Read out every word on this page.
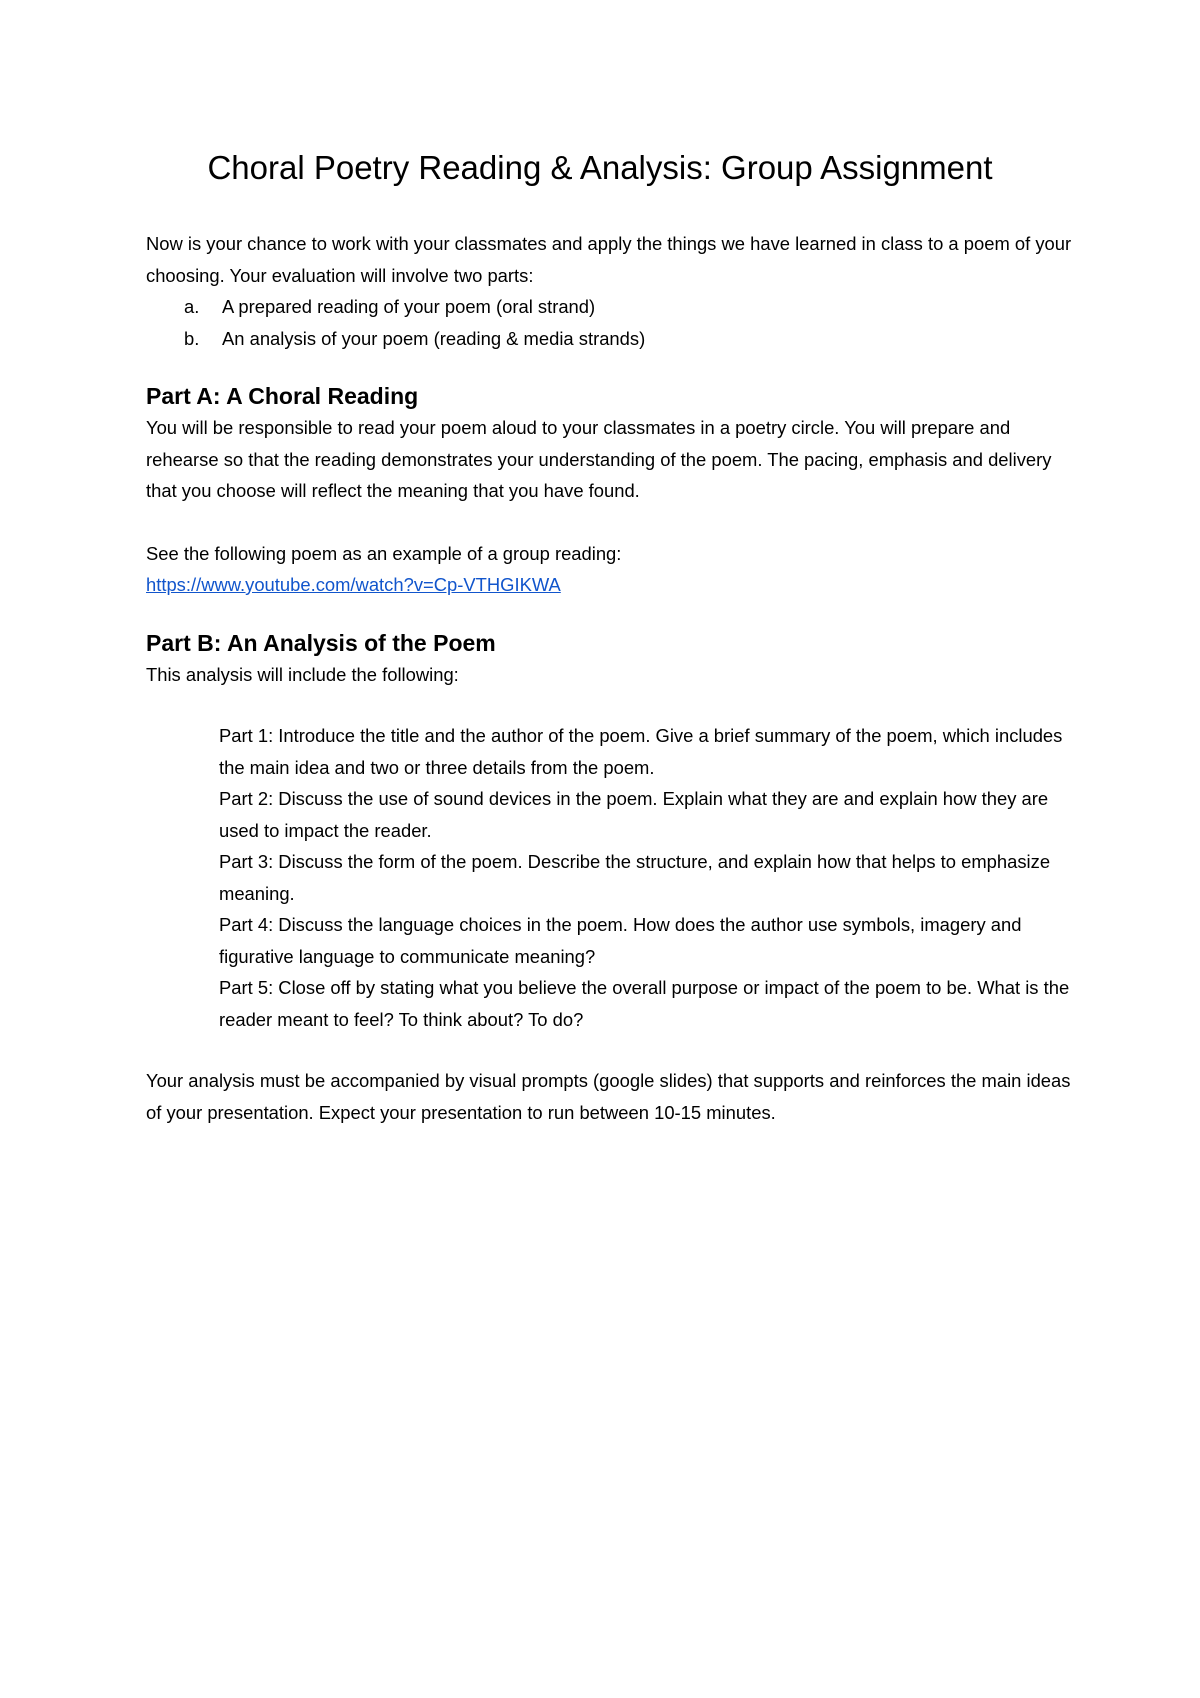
Choral Poetry Reading & Analysis: Group Assignment

Now is your chance to work with your classmates and apply the things we have learned in class to a poem of your choosing. Your evaluation will involve two parts:

a.	A prepared reading of your poem (oral strand)
b.	An analysis of your poem (reading & media strands)
Part A: A Choral Reading

You will be responsible to read your poem aloud to your classmates in a poetry circle. You will prepare and rehearse so that the reading demonstrates your understanding of the poem. The pacing, emphasis and delivery that you choose will reflect the meaning that you have found.

See the following poem as an example of a group reading:

https://www.youtube.com/watch?v=Cp-VTHGIKWA

Part B: An Analysis of the Poem

This analysis will include the following:

Part 1: Introduce the title and the author of the poem. Give a brief summary of the poem, which includes the main idea and two or three details from the poem.

Part 2: Discuss the use of sound devices in the poem. Explain what they are and explain how they are used to impact the reader.

Part 3: Discuss the form of the poem. Describe the structure, and explain how that helps to emphasize meaning.

Part 4: Discuss the language choices in the poem. How does the author use symbols, imagery and figurative language to communicate meaning?

Part 5: Close off by stating what you believe the overall purpose or impact of the poem to be. What is the reader meant to feel? To think about? To do?

Your analysis must be accompanied by visual prompts (google slides) that supports and reinforces the main ideas of your presentation. Expect your presentation to run between 10-15 minutes.
